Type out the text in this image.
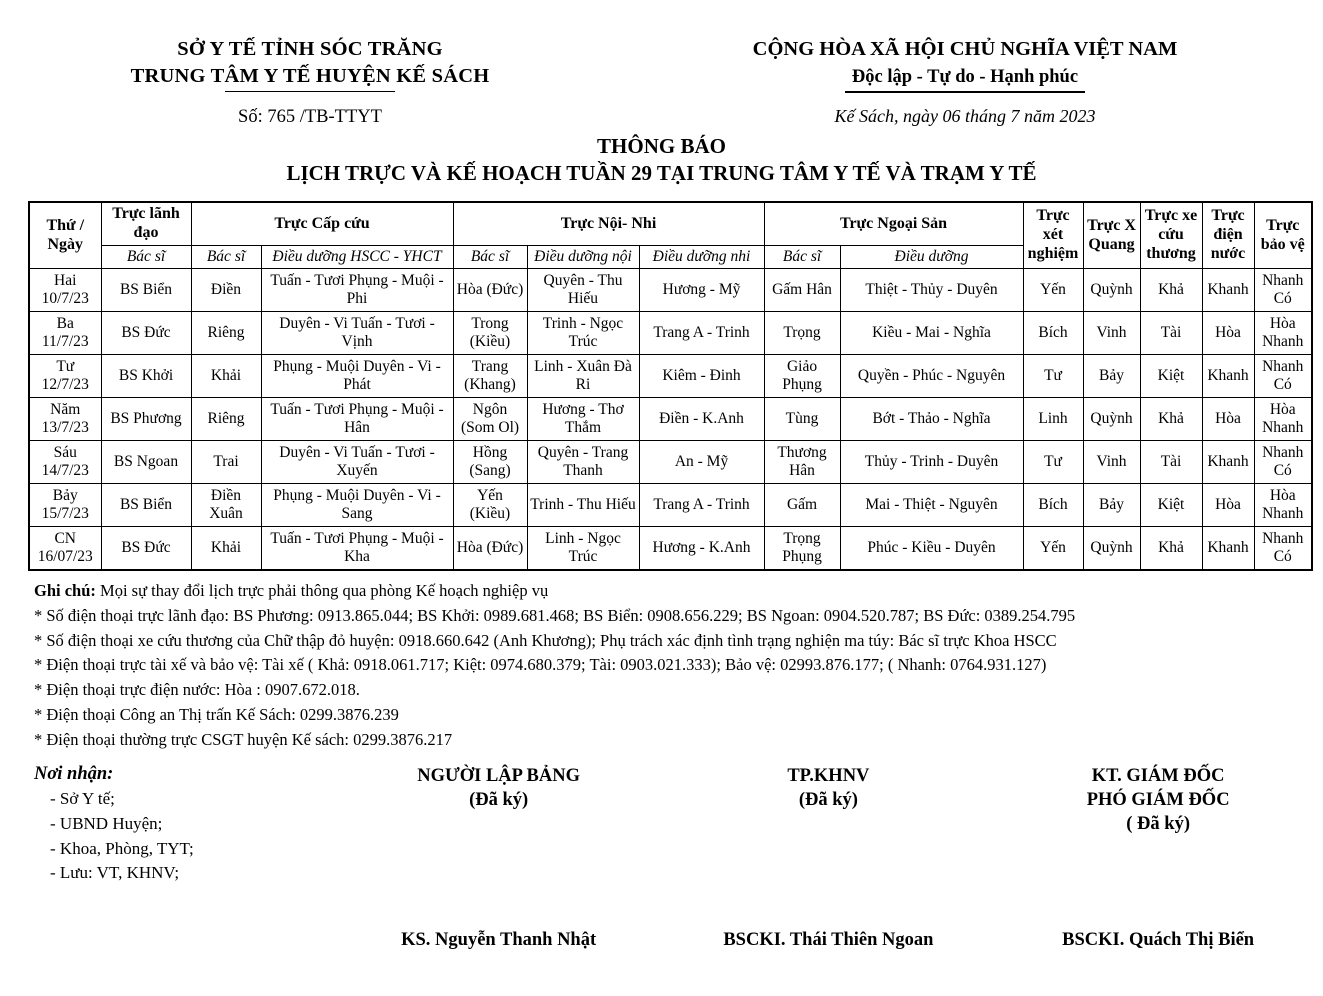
SỞ Y TẾ TỈNH SÓC TRĂNG
TRUNG TÂM Y TẾ HUYỆN KẾ SÁCH
Số: 765 /TB-TTYT
CỘNG HÒA XÃ HỘI CHỦ NGHĨA VIỆT NAM
Độc lập - Tự do - Hạnh phúc
Kế Sách, ngày 06 tháng 7 năm 2023
THÔNG BÁO
LỊCH TRỰC VÀ KẾ HOẠCH TUẦN 29 TẠI TRUNG TÂM Y TẾ VÀ TRẠM Y TẾ
Thứ / Ngày	Trực lãnh đạo	Trực Cấp cứu		Trực Nội- Nhi			Trực Ngoại Sản		Trực xét nghiệm	Trực X Quang	Trực xe cứu thương	Trực điện nước	Trực bảo vệ
	Bác sĩ	Bác sĩ	Điều dưỡng HSCC - YHCT	Bác sĩ	Điều dưỡng nội	Điều dưỡng nhi	Bác sĩ	Điều dưỡng					

Hai
10/7/23	BS Biển	Điền	Tuấn - Tươi Phụng - Muội - Phi	Hòa (Đức)	Quyên - Thu Hiếu	Hương - Mỹ	Gấm Hân	Thiệt - Thủy - Duyên	Yến	Quỳnh	Khả	Khanh	Nhanh Có

Ba
11/7/23	BS Đức	Riêng	Duyên - Vi Tuấn - Tươi - Vịnh	Trong (Kiều)	Trinh - Ngọc Trúc	Trang A - Trinh	Trọng	Kiều - Mai - Nghĩa	Bích	Vinh	Tài	Hòa	Hòa Nhanh

Tư
12/7/23	BS Khởi	Khải	Phụng - Muội Duyên - Vi - Phát	Trang (Khang)	Linh - Xuân Đà Ri	Kiêm - Đinh	Giảo Phụng	Quyền - Phúc - Nguyên	Tư	Bảy	Kiệt	Khanh	Nhanh Có

Năm
13/7/23	BS Phương	Riêng	Tuấn - Tươi Phụng - Muội - Hân	Ngôn (Som Ol)	Hương - Thơ Thắm	Điền - K.Anh	Tùng	Bớt - Thảo - Nghĩa	Linh	Quỳnh	Khả	Hòa	Hòa Nhanh

Sáu
14/7/23	BS Ngoan	Trai	Duyên - Vi Tuấn - Tươi - Xuyến	Hồng (Sang)	Quyên - Trang Thanh	An - Mỹ	Thương Hân	Thủy - Trinh - Duyên	Tư	Vinh	Tài	Khanh	Nhanh Có

Bảy
15/7/23	BS Biển	Điền Xuân	Phụng - Muội Duyên - Vi - Sang	Yến (Kiều)	Trinh - Thu Hiếu	Trang A - Trinh	Gấm	Mai - Thiệt - Nguyên	Bích	Bảy	Kiệt	Hòa	Hòa Nhanh

CN
16/07/23	BS Đức	Khải	Tuấn - Tươi Phụng - Muội - Kha	Hòa (Đức)	Linh - Ngọc Trúc	Hương - K.Anh	Trọng Phụng	Phúc - Kiều - Duyên	Yến	Quỳnh	Khả	Khanh	Nhanh Có
Ghi chú: Mọi sự thay đổi lịch trực phải thông qua phòng Kế hoạch nghiệp vụ
* Số điện thoại trực lãnh đạo: BS Phương: 0913.865.044; BS Khởi: 0989.681.468; BS Biển: 0908.656.229; BS Ngoan: 0904.520.787; BS Đức: 0389.254.795
* Số điện thoại xe cứu thương của Chữ thập đỏ huyện: 0918.660.642 (Anh Khương); Phụ trách xác định tình trạng nghiện ma túy: Bác sĩ trực Khoa HSCC
* Điện thoại trực tài xế và bảo vệ: Tài xế ( Khả: 0918.061.717; Kiệt: 0974.680.379; Tài: 0903.021.333); Bảo vệ: 02993.876.177; ( Nhanh: 0764.931.127)
* Điện thoại trực điện nước: Hòa : 0907.672.018.
* Điện thoại Công an Thị trấn Kế Sách: 0299.3876.239
* Điện thoại thường trực CSGT huyện Kế sách: 0299.3876.217
Nơi nhận:
- Sở Y tế;
- UBND Huyện;
- Khoa, Phòng, TYT;
- Lưu: VT, KHNV;
NGƯỜI LẬP BẢNG
(Đã ký)
TP.KHNV
(Đã ký)
KT. GIÁM ĐỐC
PHÓ GIÁM ĐỐC
( Đã ký)
KS. Nguyễn Thanh Nhật	BSCKI. Thái Thiên Ngoan	BSCKI. Quách Thị Biển
